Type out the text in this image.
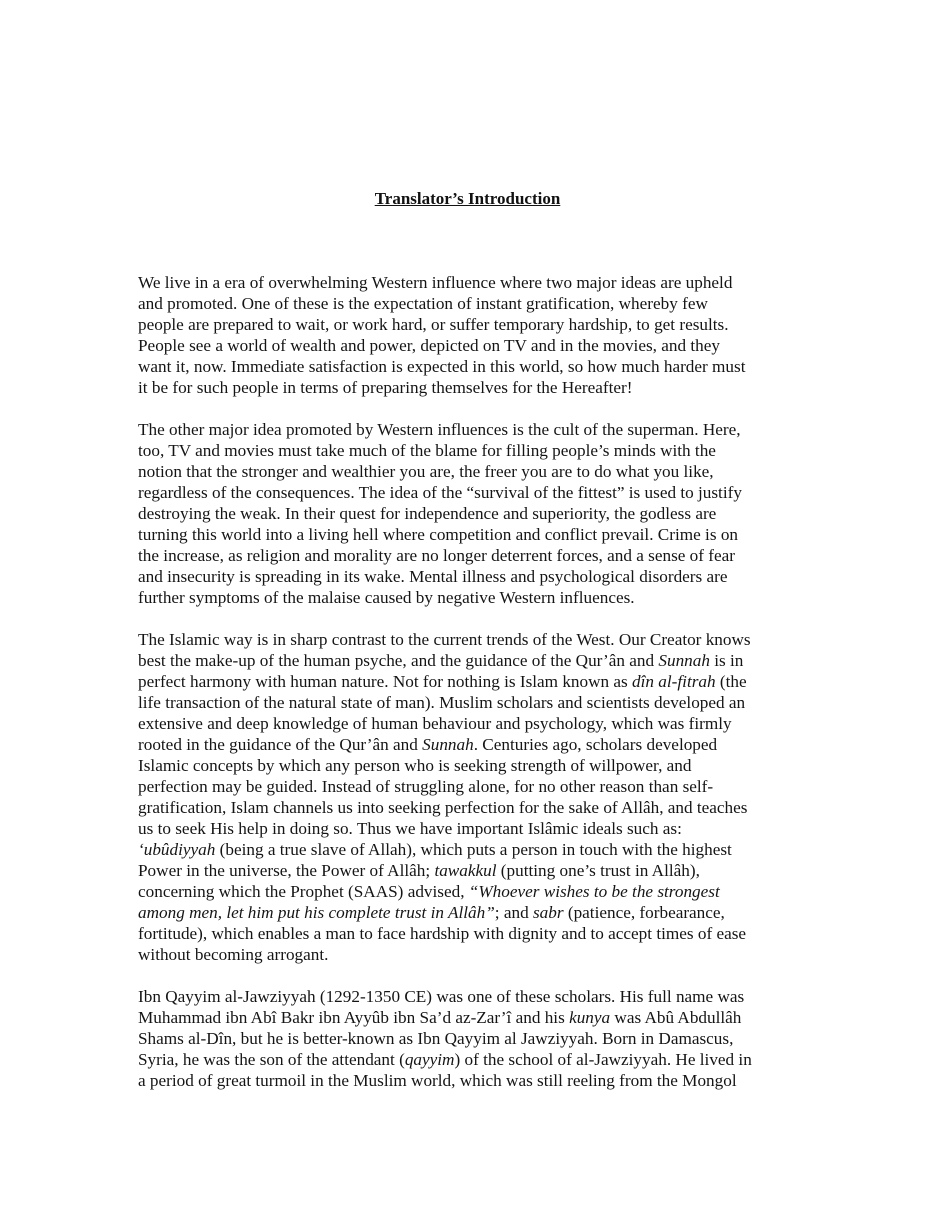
Translator’s Introduction
We live in a era of overwhelming Western influence where two major ideas are upheld
and promoted. One of these is the expectation of instant gratification, whereby few
people are prepared to wait, or work hard, or suffer temporary hardship, to get results.
People see a world of wealth and power, depicted on TV and in the movies, and they
want it, now. Immediate satisfaction is expected in this world, so how much harder must
it be for such people in terms of preparing themselves for the Hereafter!
The other major idea promoted by Western influences is the cult of the superman. Here,
too, TV and movies must take much of the blame for filling people’s minds with the
notion that the stronger and wealthier you are, the freer you are to do what you like,
regardless of the consequences. The idea of the “survival of the fittest” is used to justify
destroying the weak. In their quest for independence and superiority, the godless are
turning this world into a living hell where competition and conflict prevail. Crime is on
the increase, as religion and morality are no longer deterrent forces, and a sense of fear
and insecurity is spreading in its wake. Mental illness and psychological disorders are
further symptoms of the malaise caused by negative Western influences.
The Islamic way is in sharp contrast to the current trends of the West. Our Creator knows
best the make-up of the human psyche, and the guidance of the Qur’ân and Sunnah is in
perfect harmony with human nature. Not for nothing is Islam known as dîn al-fitrah (the
life transaction of the natural state of man). Muslim scholars and scientists developed an
extensive and deep knowledge of human behaviour and psychology, which was firmly
rooted in the guidance of the Qur’ân and Sunnah. Centuries ago, scholars developed
Islamic concepts by which any person who is seeking strength of willpower, and
perfection may be guided. Instead of struggling alone, for no other reason than self-
gratification, Islam channels us into seeking perfection for the sake of Allâh, and teaches
us to seek His help in doing so. Thus we have important Islâmic ideals such as:
‘ubûdiyyah (being a true slave of Allah), which puts a person in touch with the highest
Power in the universe, the Power of Allâh; tawakkul (putting one’s trust in Allâh),
concerning which the Prophet (SAAS) advised, “Whoever wishes to be the strongest
among men, let him put his complete trust in Allâh”; and sabr (patience, forbearance,
fortitude), which enables a man to face hardship with dignity and to accept times of ease
without becoming arrogant.
Ibn Qayyim al-Jawziyyah (1292-1350 CE) was one of these scholars. His full name was
Muhammad ibn Abî Bakr ibn Ayyûb ibn Sa’d az-Zar’î and his kunya was Abû Abdullâh
Shams al-Dîn, but he is better-known as Ibn Qayyim al Jawziyyah. Born in Damascus,
Syria, he was the son of the attendant (qayyim) of the school of al-Jawziyyah. He lived in
a period of great turmoil in the Muslim world, which was still reeling from the Mongol
